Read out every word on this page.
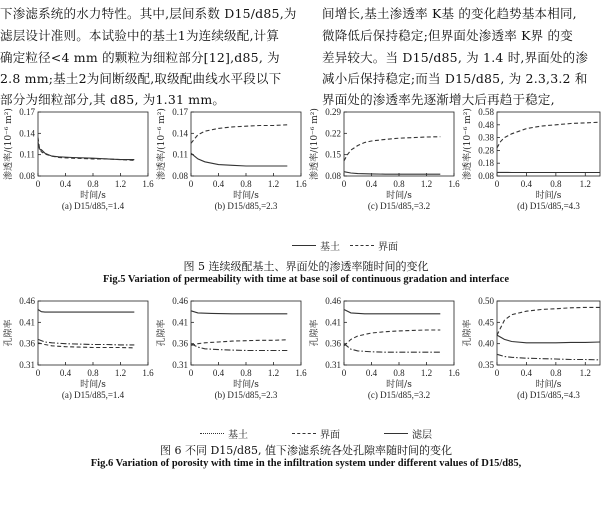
下渗滤系统的水力特性。其中,层间系数 D15/d85,为
滤层设计准则。本试验中的基土1为连续级配,计算
确定粒径<4 mm 的颗粒为细粒部分[12],d85, 为
2.8 mm;基土2为间断级配,取级配曲线水平段以下
部分为细粒部分,其 d85, 为1.31 mm。
间增长,基土渗透率 K基 的变化趋势基本相同,
微降低后保持稳定;但界面处渗透率 K界 的变
差异较大。当 D15/d85, 为 1.4 时,界面处的渗
减小后保持稳定;而当 D15/d85, 为 2.3,3.2 和
界面处的渗透率先逐渐增大后再趋于稳定,
0.08
0.11
0.14
0.17
0 0.4 0.8 1.2 1.6
时间/s
渗透率/(10⁻⁶ m²)
(a) D15/d85,=1.4
0.08
0.11
0.14
0.17
0 0.4 0.8 1.2 1.6
时间/s
渗透率/(10⁻⁶ m²)
(b) D15/d85,=2.3
0.08
0.15
0.22
0.29
0 0.4 0.8 1.2 1.6
时间/s
渗透率/(10⁻⁶ m²)
(c) D15/d85,=3.2
0.08
0.18
0.28
0.38
0.48
0.58
0 0.4 0.8 1.2
时间/s
渗透率/(10⁻⁶ m²)
(d) D15/d85,=4.3
基土	界面
图 5 连续级配基土、界面处的渗透率随时间的变化
Fig.5 Variation of permeability with time at base soil of continuous gradation and interface
0.31
0.36
0.41
0.46
0 0.4 0.8 1.2 1.6
时间/s
孔隙率
(a) D15/d85,=1.4
0.31
0.36
0.41
0.46
0 0.4 0.8 1.2 1.6
时间/s
孔隙率
(b) D15/d85,=2.3
0.31
0.36
0.41
0.46
0 0.4 0.8 1.2 1.6
时间/s
孔隙率
(c) D15/d85,=3.2
0.35
0.40
0.45
0.50
0 0.4 0.8 1.2
时间/s
孔隙率
(d) D15/d85,=4.3
基土	界面	滤层
图 6 不同 D15/d85, 值下渗滤系统各处孔隙率随时间的变化
Fig.6 Variation of porosity with time in the infiltration system under different values of D15/d85,
